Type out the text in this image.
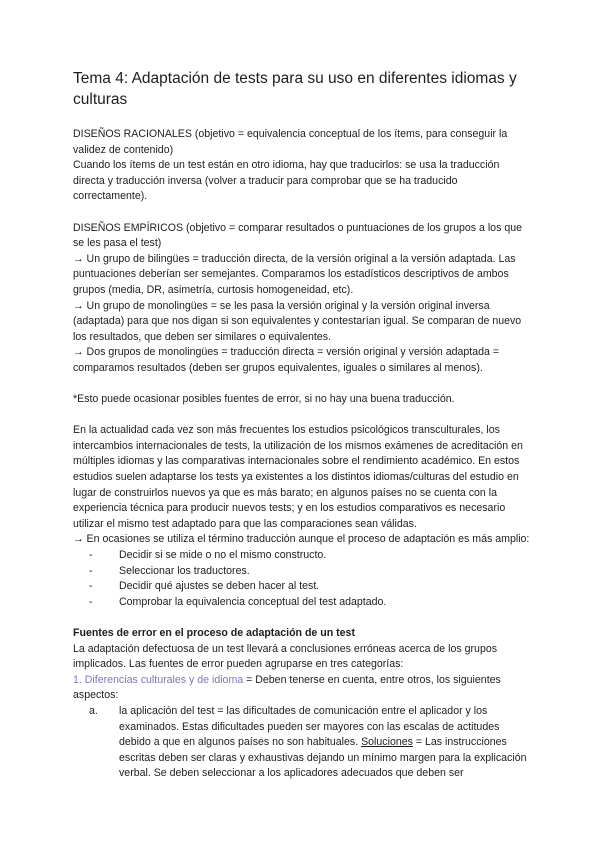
Tema 4: Adaptación de tests para su uso en diferentes idiomas y culturas

DISEÑOS RACIONALES (objetivo = equivalencia conceptual de los ítems, para conseguir la validez de contenido)

Cuando los ítems de un test están en otro idioma, hay que traducirlos: se usa la traducción directa y traducción inversa (volver a traducir para comprobar que se ha traducido correctamente).

DISEÑOS EMPÍRICOS (objetivo = comparar resultados o puntuaciones de los grupos a los que se les pasa el test)

→ Un grupo de bilingües = traducción directa, de la versión original a la versión adaptada. Las puntuaciones deberían ser semejantes. Comparamos los estadísticos descriptivos de ambos grupos (media, DR, asimetría, curtosis homogeneidad, etc).

→ Un grupo de monolingües = se les pasa la versión original y la versión original inversa (adaptada) para que nos digan si son equivalentes y contestarían igual. Se comparan de nuevo los resultados, que deben ser similares o equivalentes.

→ Dos grupos de monolingües = traducción directa = versión original y versión adaptada = comparamos resultados (deben ser grupos equivalentes, iguales o similares al menos).

*Esto puede ocasionar posibles fuentes de error, si no hay una buena traducción.

En la actualidad cada vez son más frecuentes los estudios psicológicos transculturales, los intercambios internacionales de tests, la utilización de los mismos exámenes de acreditación en múltiples idiomas y las comparativas internacionales sobre el rendimiento académico. En estos estudios suelen adaptarse los tests ya existentes a los distintos idiomas/culturas del estudio en lugar de construirlos nuevos ya que es más barato; en algunos países no se cuenta con la experiencia técnica para producir nuevos tests; y en los estudios comparativos es necesario utilizar el mismo test adaptado para que las comparaciones sean válidas.

→ En ocasiones se utiliza el término traducción aunque el proceso de adaptación es más amplio:

- Decidir si se mide o no el mismo constructo.
- Seleccionar los traductores.
- Decidir qué ajustes se deben hacer al test.
- Comprobar la equivalencia conceptual del test adaptado.

Fuentes de error en el proceso de adaptación de un test

La adaptación defectuosa de un test llevará a conclusiones erróneas acerca de los grupos implicados. Las fuentes de error pueden agruparse en tres categorías:

1. Diferencias culturales y de idioma = Deben tenerse en cuenta, entre otros, los siguientes aspectos:

a. la aplicación del test = las dificultades de comunicación entre el aplicador y los examinados. Estas dificultades pueden ser mayores con las escalas de actitudes debido a que en algunos países no son habituales. Soluciones = Las instrucciones escritas deben ser claras y exhaustivas dejando un mínimo margen para la explicación verbal. Se deben seleccionar a los aplicadores adecuados que deben ser
